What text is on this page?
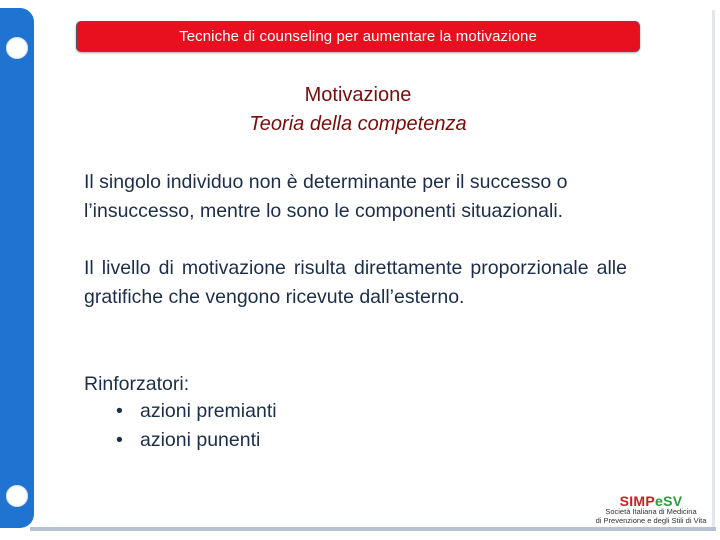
Tecniche di counseling per aumentare la motivazione
Motivazione
Teoria della competenza
Il singolo individuo non è determinante per il successo o l’insuccesso, mentre lo sono le componenti situazionali.
Il livello di motivazione risulta direttamente proporzionale alle gratifiche che vengono ricevute dall’esterno.
Rinforzatori:
• azioni premianti
• azioni punenti
SIMPeSV
Società Italiana di Medicina
di Prevenzione e degli Stili di Vita
